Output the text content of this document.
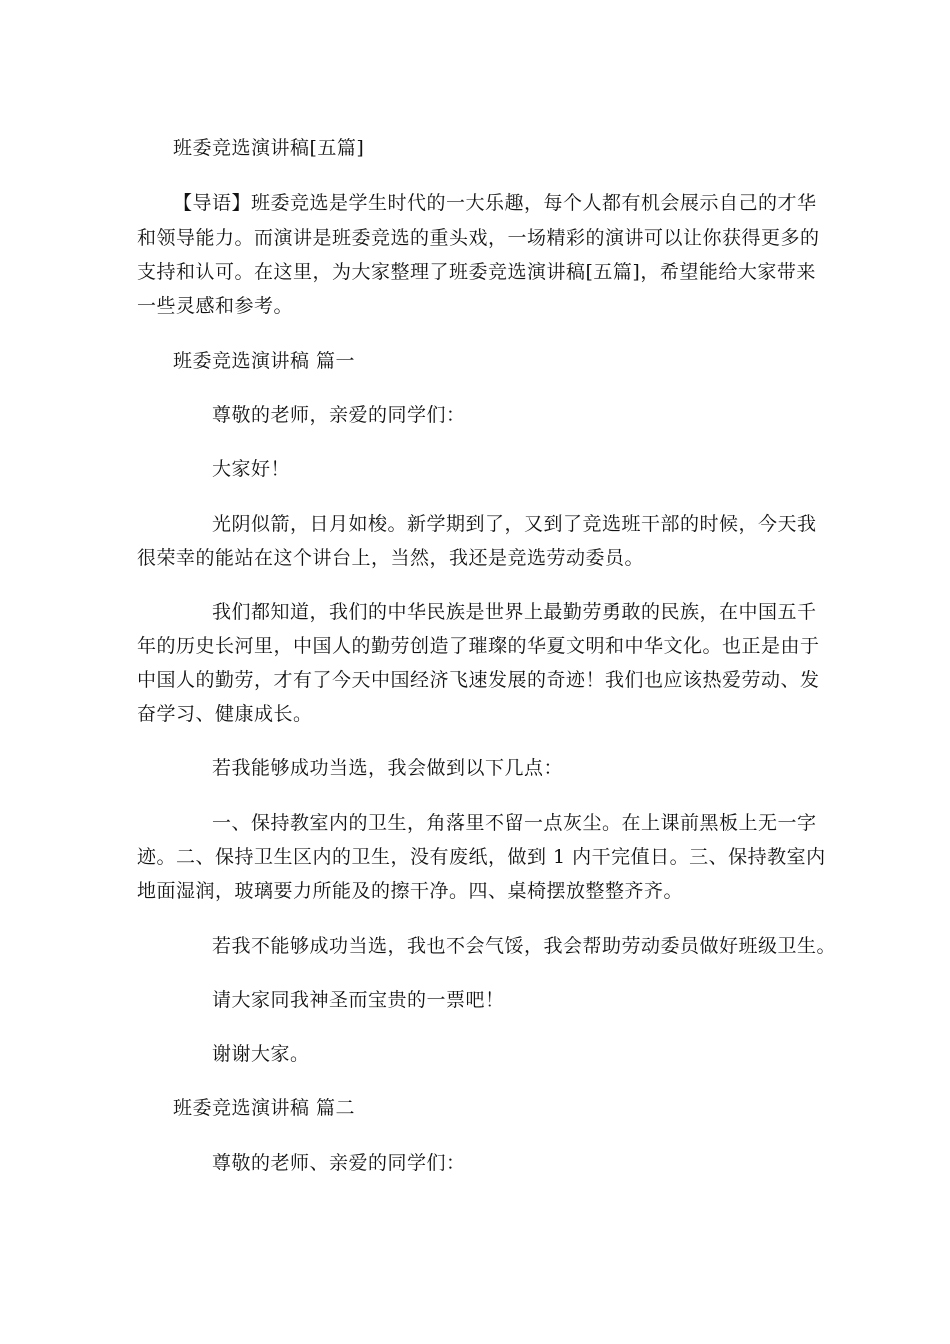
班委竞选演讲稿[五篇]
【导语】班委竞选是学生时代的一大乐趣，每个人都有机会展示自己的才华
和领导能力。而演讲是班委竞选的重头戏，一场精彩的演讲可以让你获得更多的
支持和认可。在这里，为大家整理了班委竞选演讲稿[五篇]，希望能给大家带来
一些灵感和参考。
班委竞选演讲稿 篇一
尊敬的老师，亲爱的同学们：
大家好！
光阴似箭，日月如梭。新学期到了，又到了竞选班干部的时候，今天我
很荣幸的能站在这个讲台上，当然，我还是竞选劳动委员。
我们都知道，我们的中华民族是世界上最勤劳勇敢的民族，在中国五千
年的历史长河里，中国人的勤劳创造了璀璨的华夏文明和中华文化。也正是由于
中国人的勤劳，才有了今天中国经济飞速发展的奇迹！我们也应该热爱劳动、发
奋学习、健康成长。
若我能够成功当选，我会做到以下几点：
一、保持教室内的卫生，角落里不留一点灰尘。在上课前黑板上无一字
迹。二、保持卫生区内的卫生，没有废纸，做到 1 内干完值日。三、保持教室内
地面湿润，玻璃要力所能及的擦干净。四、桌椅摆放整整齐齐。
若我不能够成功当选，我也不会气馁，我会帮助劳动委员做好班级卫生。
请大家同我神圣而宝贵的一票吧！
谢谢大家。
班委竞选演讲稿 篇二
尊敬的老师、亲爱的同学们：
